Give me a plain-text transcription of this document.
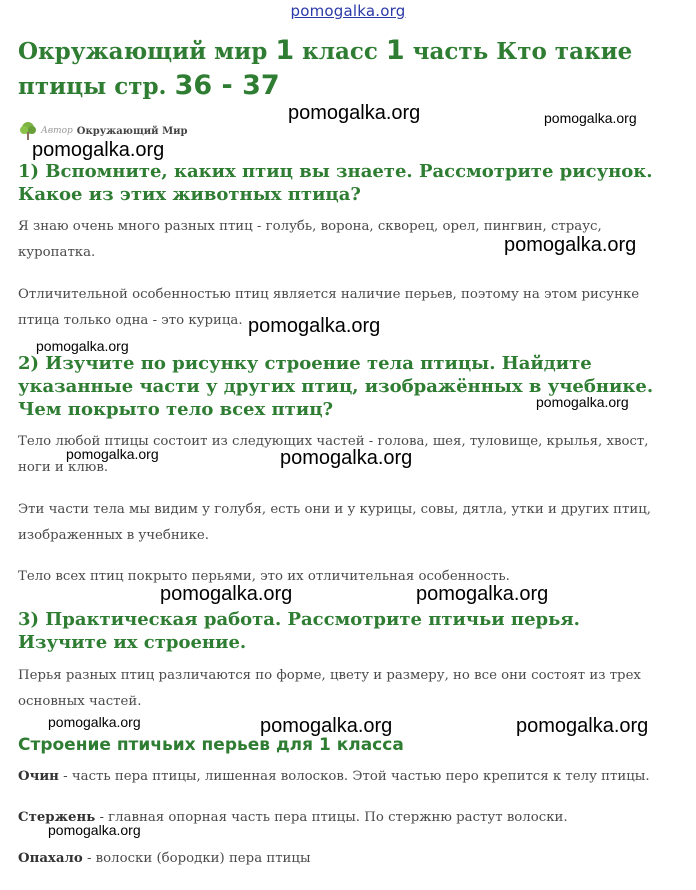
pomogalka.org
Окружающий мир 1 класс 1 часть Кто такие птицы стр. 36 - 37
Автор Окружающий Мир
1) Вспомните, каких птиц вы знаете. Рассмотрите рисунок. Какое из этих животных птица?

Я знаю очень много разных птиц - голубь, ворона, скворец, орел, пингвин, страус, куропатка.

Отличительной особенностью птиц является наличие перьев, поэтому на этом рисунке птица только одна - это курица.

2) Изучите по рисунку строение тела птицы. Найдите указанные части у других птиц, изображённых в учебнике. Чем покрыто тело всех птиц?

Тело любой птицы состоит из следующих частей - голова, шея, туловище, крылья, хвост, ноги и клюв.

Эти части тела мы видим у голубя, есть они и у курицы, совы, дятла, утки и других птиц, изображенных в учебнике.

Тело всех птиц покрыто перьями, это их отличительная особенность.

3) Практическая работа. Рассмотрите птичьи перья. Изучите их строение.

Перья разных птиц различаются по форме, цвету и размеру, но все они состоят из трех основных частей.

Строение птичьих перьев для 1 класса

Очин - часть пера птицы, лишенная волосков. Этой частью перо крепится к телу птицы.

Стержень - главная опорная часть пера птицы. По стержню растут волоски.

Опахало - волоски (бородки) пера птицы

pomogalka.org	pomogalka.org
pomogalka.org
pomogalka.org
pomogalka.org
pomogalka.org
pomogalka.org
pomogalka.org	pomogalka.org
pomogalka.org	pomogalka.org
pomogalka.org	pomogalka.org	pomogalka.org
pomogalka.org
